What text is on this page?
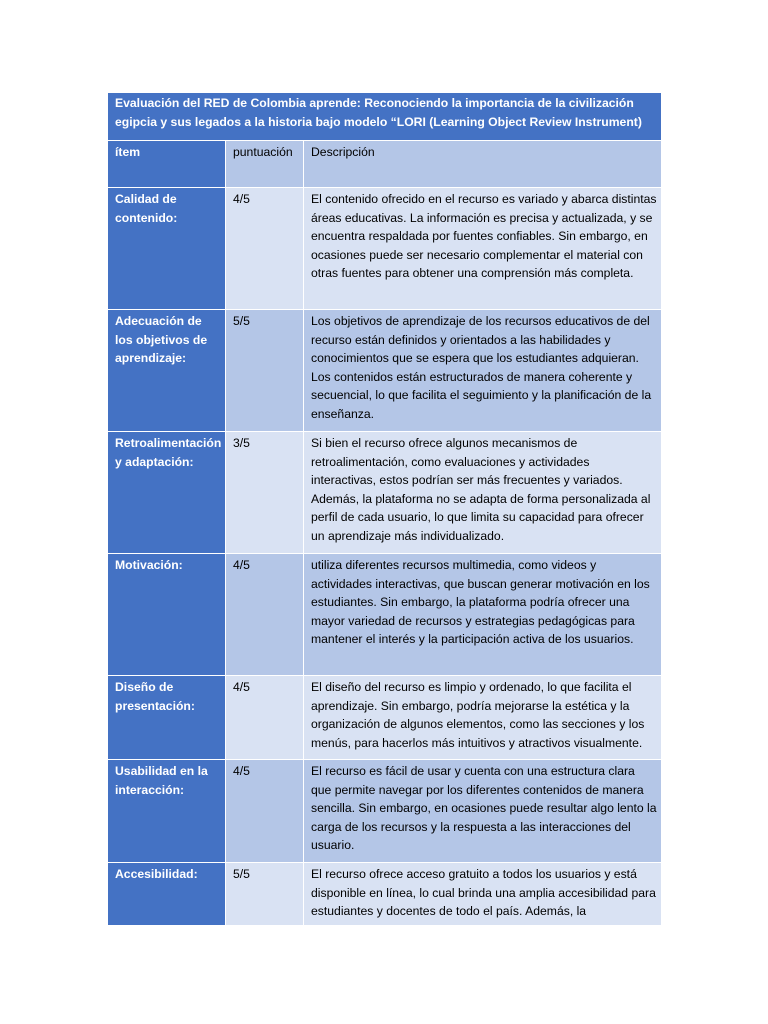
Evaluación del RED de Colombia aprende: Reconociendo la importancia de la civilización egipcia y sus legados a la historia bajo modelo “LORI (Learning Object Review Instrument)		
ítem	puntuación	Descripción
Calidad de contenido:	4/5	El contenido ofrecido en el recurso es variado y abarca distintas áreas educativas. La información es precisa y actualizada, y se encuentra respaldada por fuentes confiables. Sin embargo, en ocasiones puede ser necesario complementar el material con otras fuentes para obtener una comprensión más completa.
Adecuación de los objetivos de aprendizaje:	5/5	Los objetivos de aprendizaje de los recursos educativos de del recurso están definidos y orientados a las habilidades y conocimientos que se espera que los estudiantes adquieran. Los contenidos están estructurados de manera coherente y secuencial, lo que facilita el seguimiento y la planificación de la enseñanza.
Retroalimentación y adaptación:	3/5	Si bien el recurso ofrece algunos mecanismos de retroalimentación, como evaluaciones y actividades interactivas, estos podrían ser más frecuentes y variados. Además, la plataforma no se adapta de forma personalizada al perfil de cada usuario, lo que limita su capacidad para ofrecer un aprendizaje más individualizado.
Motivación:	4/5	utiliza diferentes recursos multimedia, como videos y actividades interactivas, que buscan generar motivación en los estudiantes. Sin embargo, la plataforma podría ofrecer una mayor variedad de recursos y estrategias pedagógicas para mantener el interés y la participación activa de los usuarios.
Diseño de presentación:	4/5	El diseño del recurso es limpio y ordenado, lo que facilita el aprendizaje. Sin embargo, podría mejorarse la estética y la organización de algunos elementos, como las secciones y los menús, para hacerlos más intuitivos y atractivos visualmente.
Usabilidad en la interacción:	4/5	El recurso es fácil de usar y cuenta con una estructura clara que permite navegar por los diferentes contenidos de manera sencilla. Sin embargo, en ocasiones puede resultar algo lento la carga de los recursos y la respuesta a las interacciones del usuario.
Accesibilidad:	5/5	El recurso ofrece acceso gratuito a todos los usuarios y está disponible en línea, lo cual brinda una amplia accesibilidad para estudiantes y docentes de todo el país. Además, la
